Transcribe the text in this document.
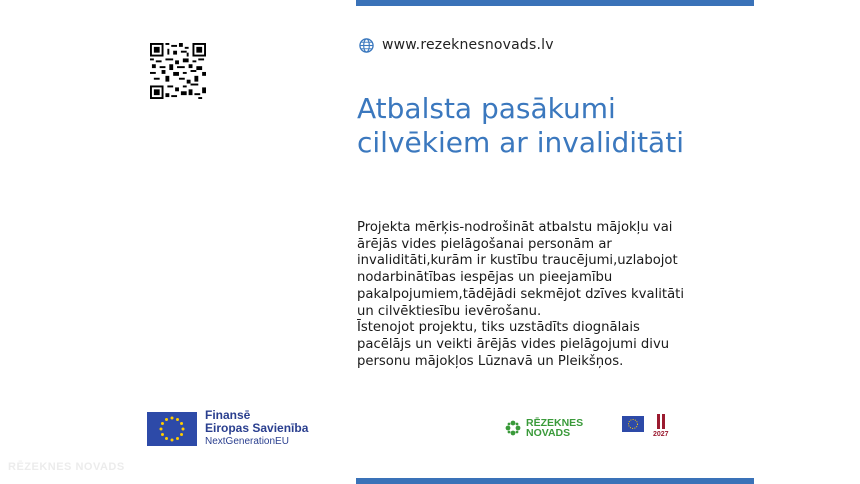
www.rezeknesnovads.lv
Atbalsta pasākumi
cilvēkiem ar invaliditāti
Projekta mērķis-nodrošināt atbalstu mājokļu vai
ārējās vides pielāgošanai personām ar
invaliditāti,kurām ir kustību traucējumi,uzlabojot
nodarbinātības iespējas un pieejamību
pakalpojumiem,tādējādi sekmējot dzīves kvalitāti
un cilvēktiesību ievērošanu.
Īstenojot projektu, tiks uzstādīts diognālais
pacēlājs un veikti ārējās vides pielāgojumi divu
personu mājokļos Lūznavā un Pleikšņos.
Finansē
Eiropas Savienība
NextGenerationEU
RĒZEKNES
NOVADS	2027
RĒZEKNES NOVADS
